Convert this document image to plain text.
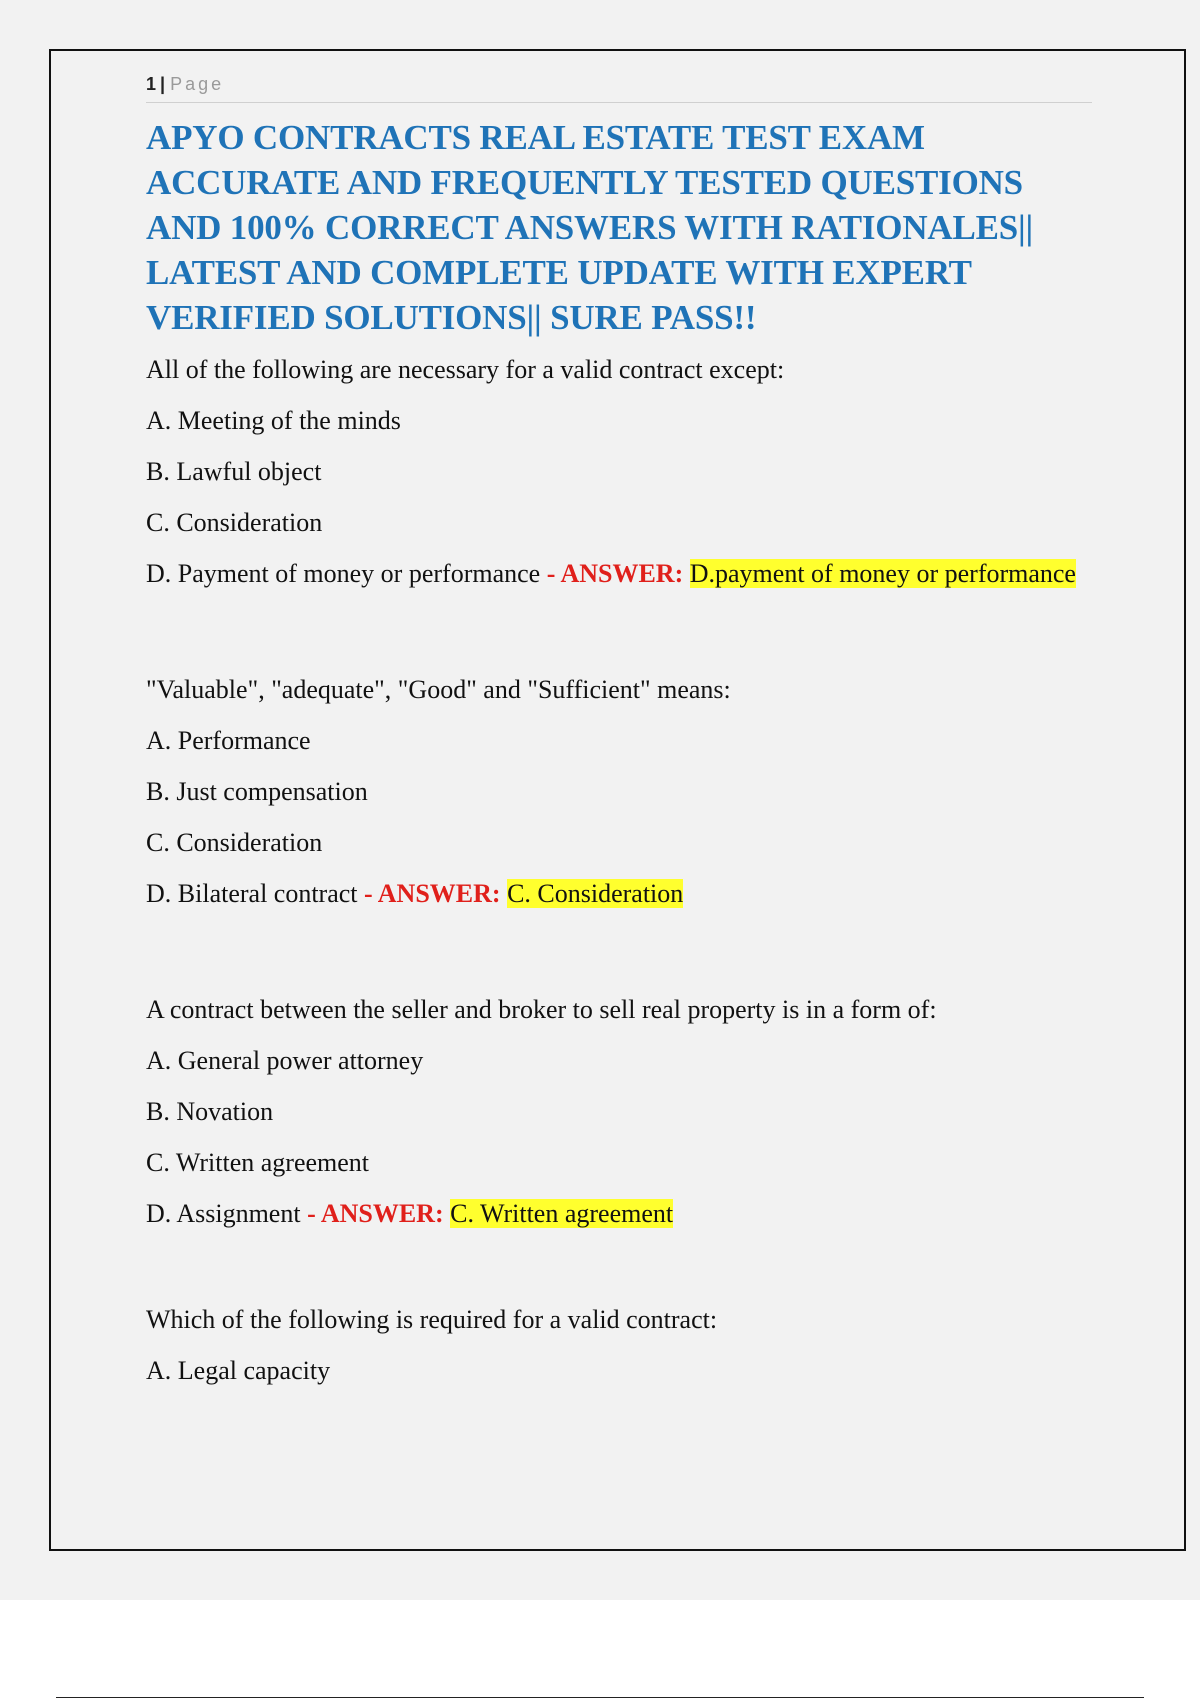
1 | Page
APYO CONTRACTS REAL ESTATE TEST EXAM ACCURATE AND FREQUENTLY TESTED QUESTIONS AND 100% CORRECT ANSWERS WITH RATIONALES|| LATEST AND COMPLETE UPDATE WITH EXPERT VERIFIED SOLUTIONS|| SURE PASS!!

All of the following are necessary for a valid contract except:

A. Meeting of the minds

B. Lawful object

C. Consideration

D. Payment of money or performance - ANSWER: D.payment of money or performance

"Valuable", "adequate", "Good" and "Sufficient" means:

A. Performance

B. Just compensation

C. Consideration

D. Bilateral contract - ANSWER: C. Consideration

A contract between the seller and broker to sell real property is in a form of:

A. General power attorney

B. Novation

C. Written agreement

D. Assignment - ANSWER: C. Written agreement

Which of the following is required for a valid contract:

A. Legal capacity
